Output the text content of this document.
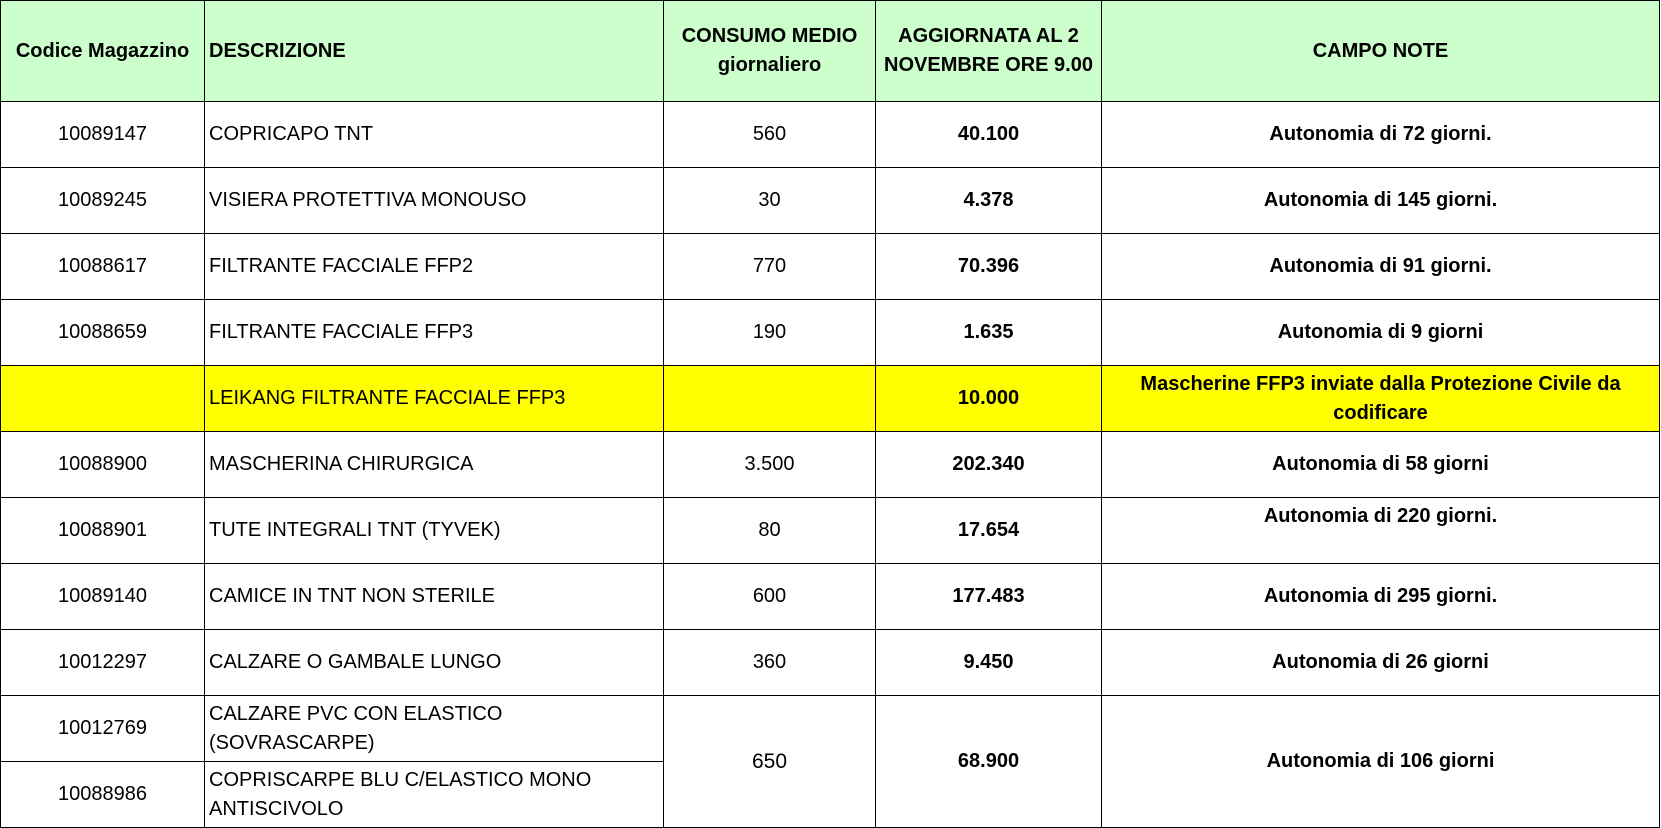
Codice Magazzino	DESCRIZIONE	CONSUMO MEDIO giornaliero	AGGIORNATA AL 2 NOVEMBRE ORE 9.00	CAMPO NOTE
10089147	COPRICAPO TNT	560	40.100	Autonomia di 72 giorni.
10089245	VISIERA PROTETTIVA MONOUSO	30	4.378	Autonomia di 145 giorni.
10088617	FILTRANTE FACCIALE FFP2	770	70.396	Autonomia di 91 giorni.
10088659	FILTRANTE FACCIALE FFP3	190	1.635	Autonomia di 9 giorni
	LEIKANG FILTRANTE FACCIALE FFP3		10.000	Mascherine FFP3 inviate dalla Protezione Civile da codificare
10088900	MASCHERINA CHIRURGICA	3.500	202.340	Autonomia di 58 giorni
10088901	TUTE INTEGRALI TNT (TYVEK)	80	17.654	Autonomia di 220 giorni.
10089140	CAMICE IN TNT NON STERILE	600	177.483	Autonomia di 295 giorni.
10012297	CALZARE O GAMBALE LUNGO	360	9.450	Autonomia di 26 giorni
10012769	CALZARE PVC CON ELASTICO (SOVRASCARPE)	650	68.900	Autonomia di 106 giorni
10088986	COPRISCARPE BLU C/ELASTICO MONO ANTISCIVOLO			
